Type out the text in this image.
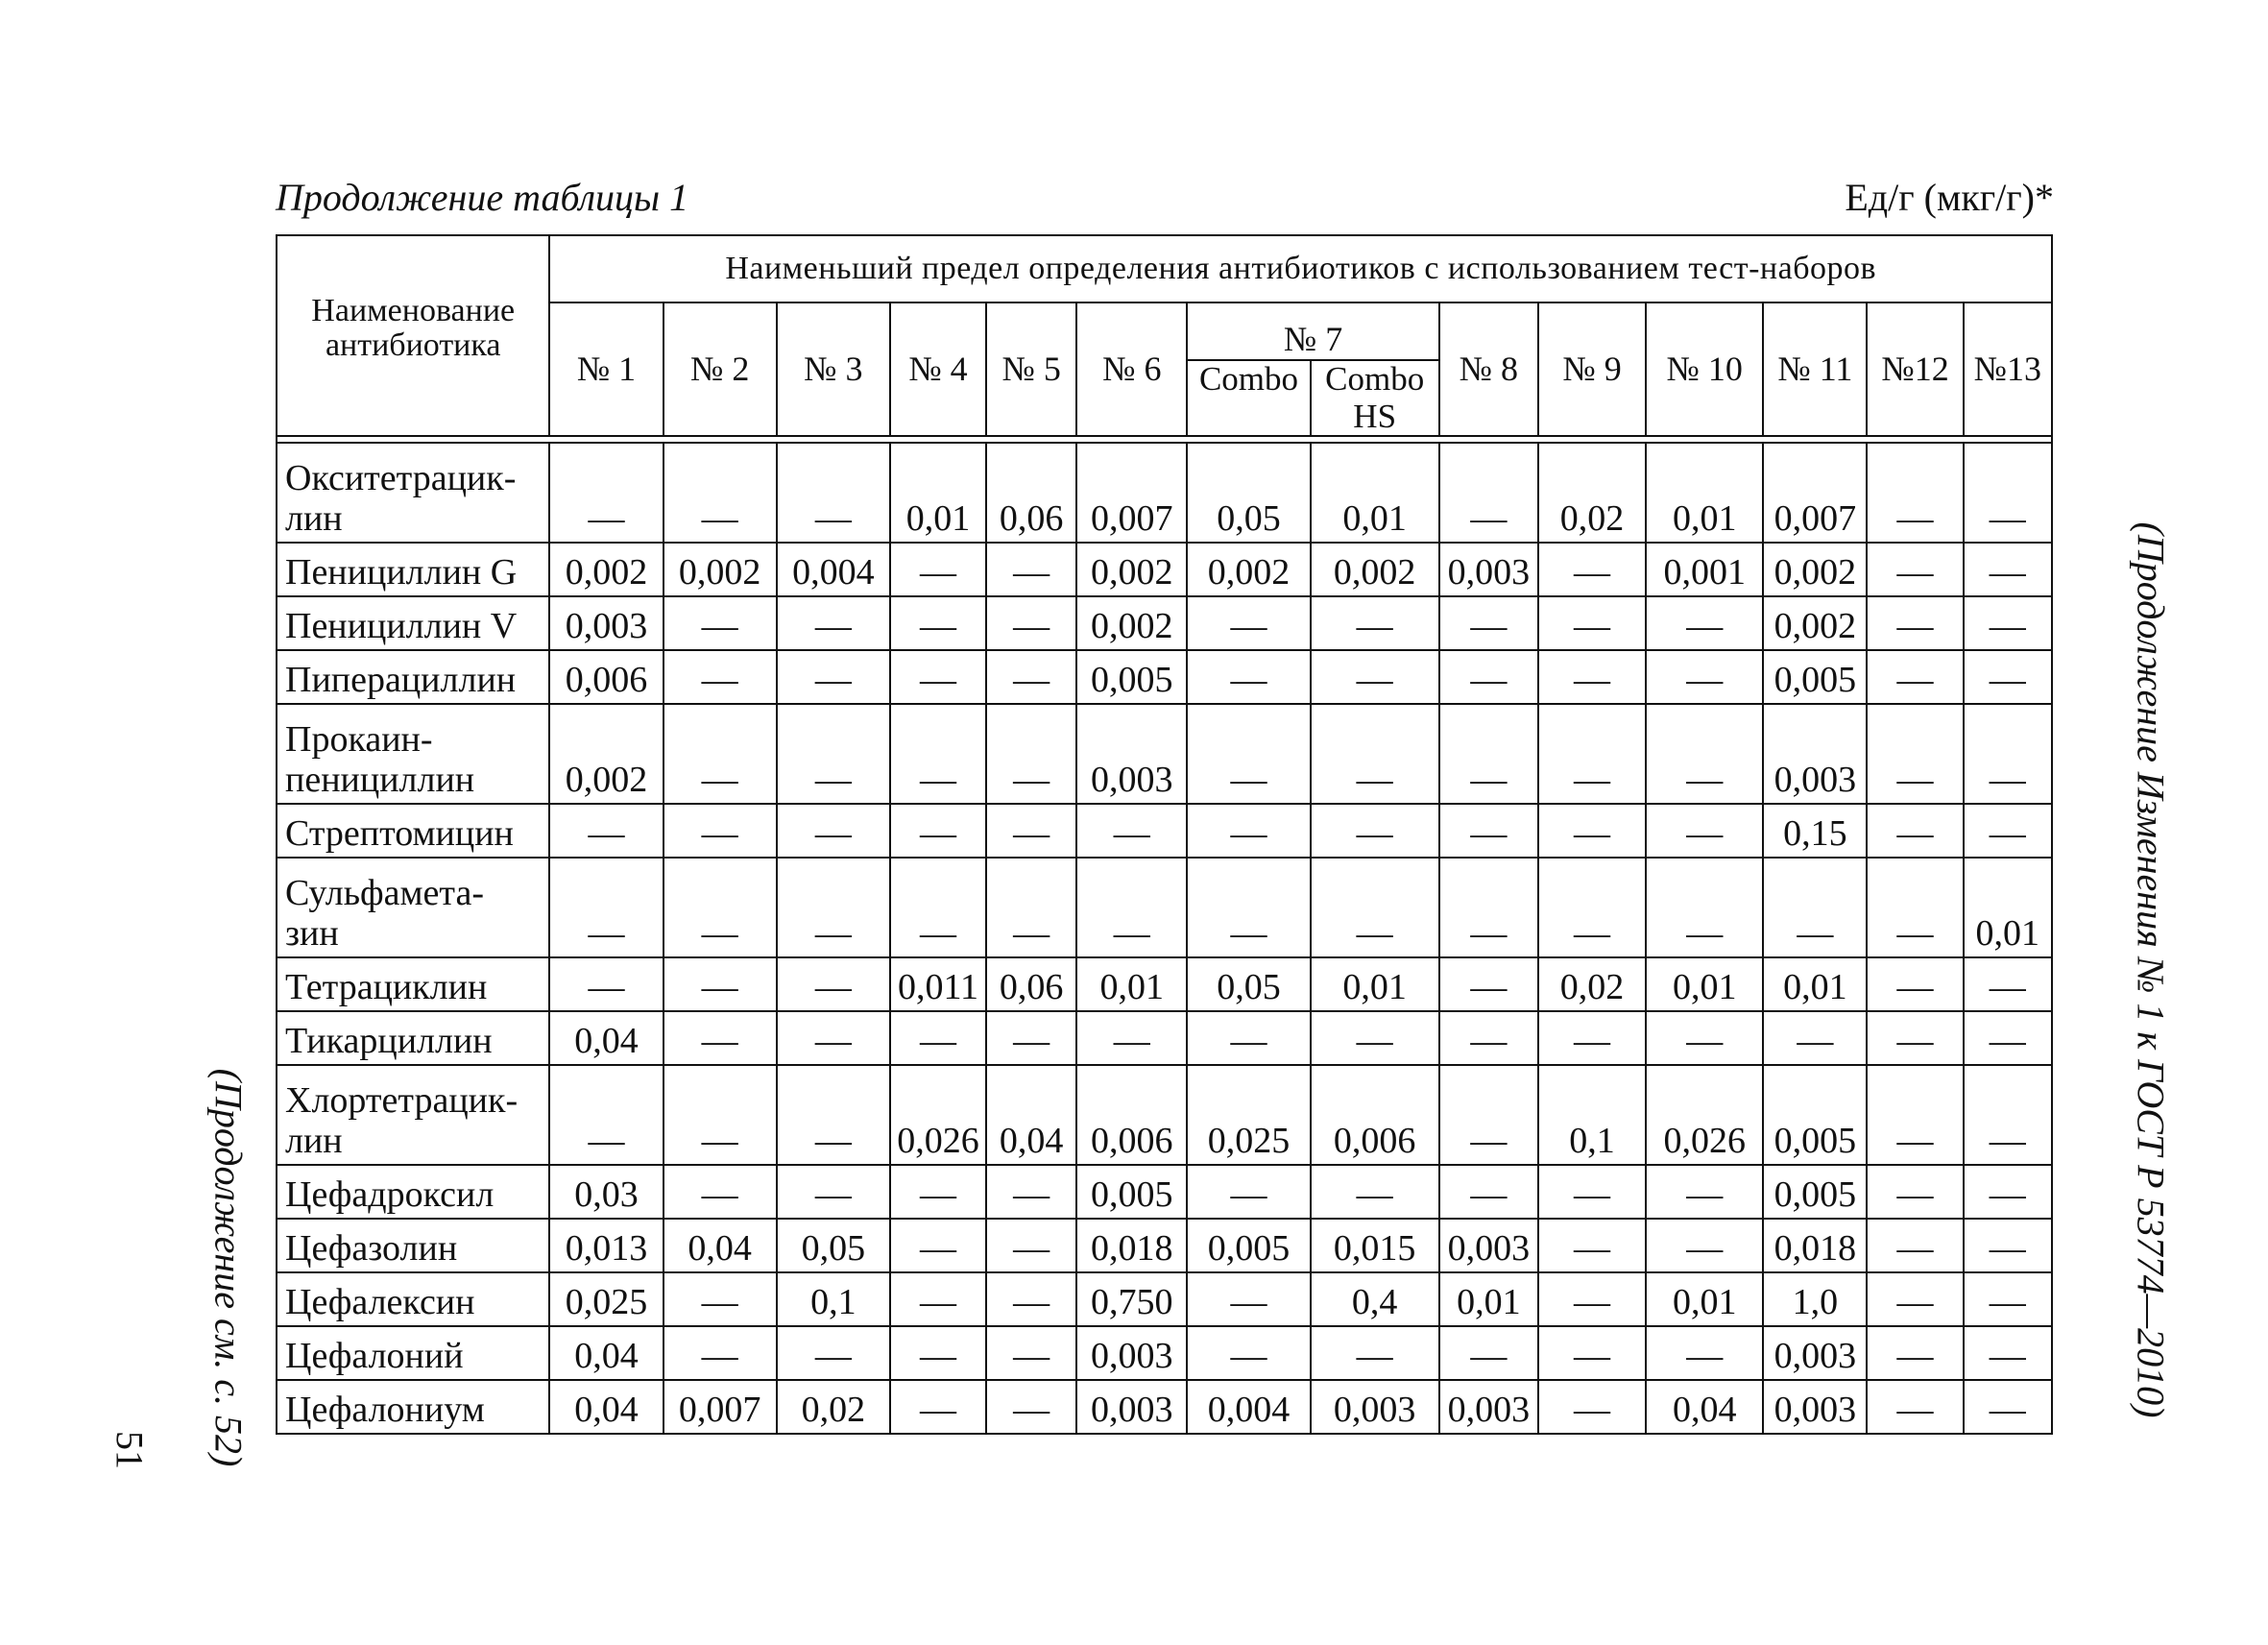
Продолжение таблицы 1	Ед/г (мкг/г)*
(Продолжение Изменения № 1 к ГОСТ Р 53774—2010)
(Продолжение см. с. 52)
51
Наименование антибиотика	Наименьший предел определения антибиотиков с использованием тест-наборов													
	№ 1	№ 2	№ 3	№ 4	№ 5	№ 6	№ 7		№ 8	№ 9	№ 10	№ 11	№12	№13
							Combo	Combo HS						

Окситетрацик-
лин	—	—	—	0,01	0,06	0,007	0,05	0,01	—	0,02	0,01	0,007	—	—
Пенициллин G	0,002	0,002	0,004	—	—	0,002	0,002	0,002	0,003	—	0,001	0,002	—	—
Пенициллин V	0,003	—	—	—	—	0,002	—	—	—	—	—	0,002	—	—
Пиперациллин	0,006	—	—	—	—	0,005	—	—	—	—	—	0,005	—	—
Прокаин-
пенициллин	0,002	—	—	—	—	0,003	—	—	—	—	—	0,003	—	—
Стрептомицин	—	—	—	—	—	—	—	—	—	—	—	0,15	—	—
Сульфамета-
зин	—	—	—	—	—	—	—	—	—	—	—	—	—	0,01
Тетрациклин	—	—	—	0,011	0,06	0,01	0,05	0,01	—	0,02	0,01	0,01	—	—
Тикарциллин	0,04	—	—	—	—	—	—	—	—	—	—	—	—	—
Хлортетрацик-
лин	—	—	—	0,026	0,04	0,006	0,025	0,006	—	0,1	0,026	0,005	—	—
Цефадроксил	0,03	—	—	—	—	0,005	—	—	—	—	—	0,005	—	—
Цефазолин	0,013	0,04	0,05	—	—	0,018	0,005	0,015	0,003	—	—	0,018	—	—
Цефалексин	0,025	—	0,1	—	—	0,750	—	0,4	0,01	—	0,01	1,0	—	—
Цефалоний	0,04	—	—	—	—	0,003	—	—	—	—	—	0,003	—	—
Цефалониум	0,04	0,007	0,02	—	—	0,003	0,004	0,003	0,003	—	0,04	0,003	—	—
